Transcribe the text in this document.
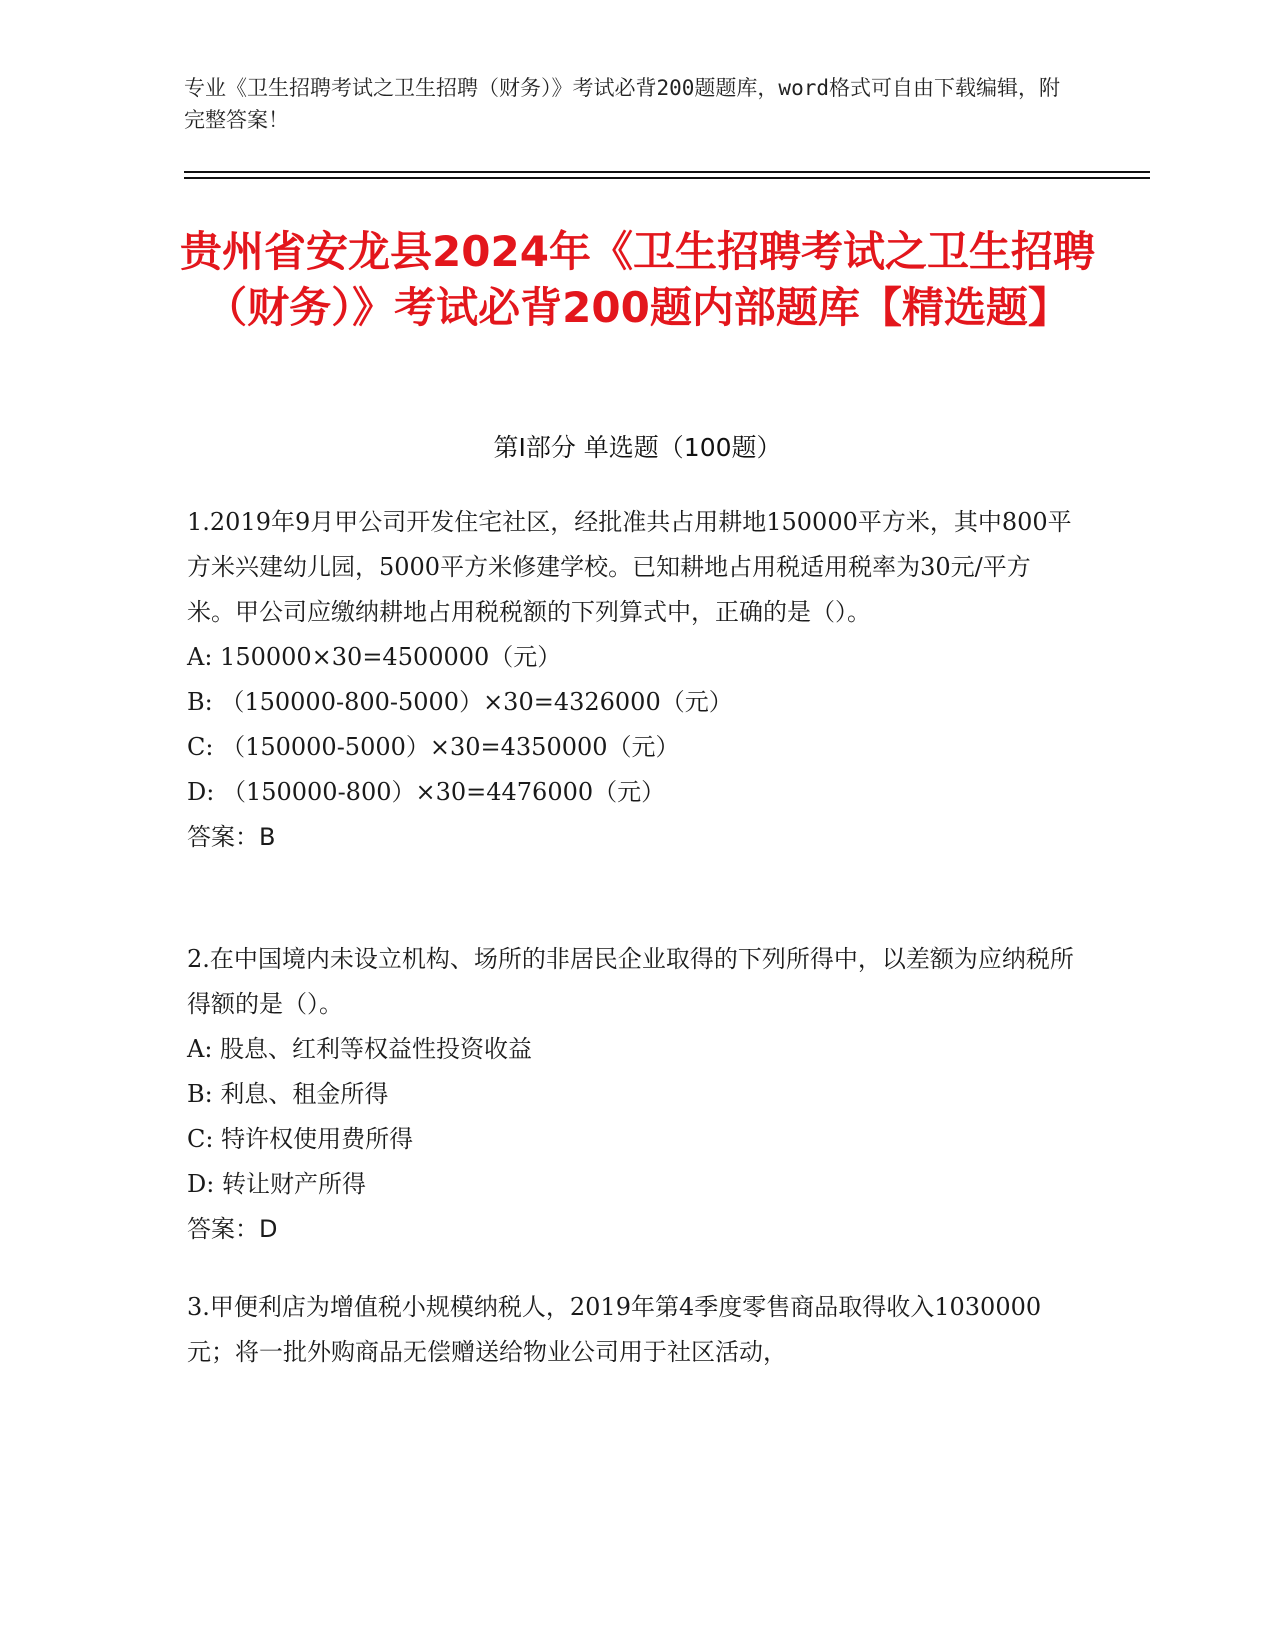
专业《卫生招聘考试之卫生招聘（财务）》考试必背200题题库，word格式可自由下载编辑，附完整答案！
贵州省安龙县2024年《卫生招聘考试之卫生招聘（财务）》考试必背200题内部题库【精选题】
第I部分 单选题（100题）

1.2019年9月甲公司开发住宅社区，经批准共占用耕地150000平方米，其中800平方米兴建幼儿园，5000平方米修建学校。已知耕地占用税适用税率为30元/平方米。甲公司应缴纳耕地占用税税额的下列算式中，正确的是（）。

A: 150000×30=4500000（元）

B: （150000-800-5000）×30=4326000（元）

C: （150000-5000）×30=4350000（元）

D: （150000-800）×30=4476000（元）

答案：B

2.在中国境内未设立机构、场所的非居民企业取得的下列所得中，以差额为应纳税所得额的是（）。

A: 股息、红利等权益性投资收益

B: 利息、租金所得

C: 特许权使用费所得

D: 转让财产所得

答案：D

3.甲便利店为增值税小规模纳税人，2019年第4季度零售商品取得收入1030000元；将一批外购商品无偿赠送给物业公司用于社区活动，
